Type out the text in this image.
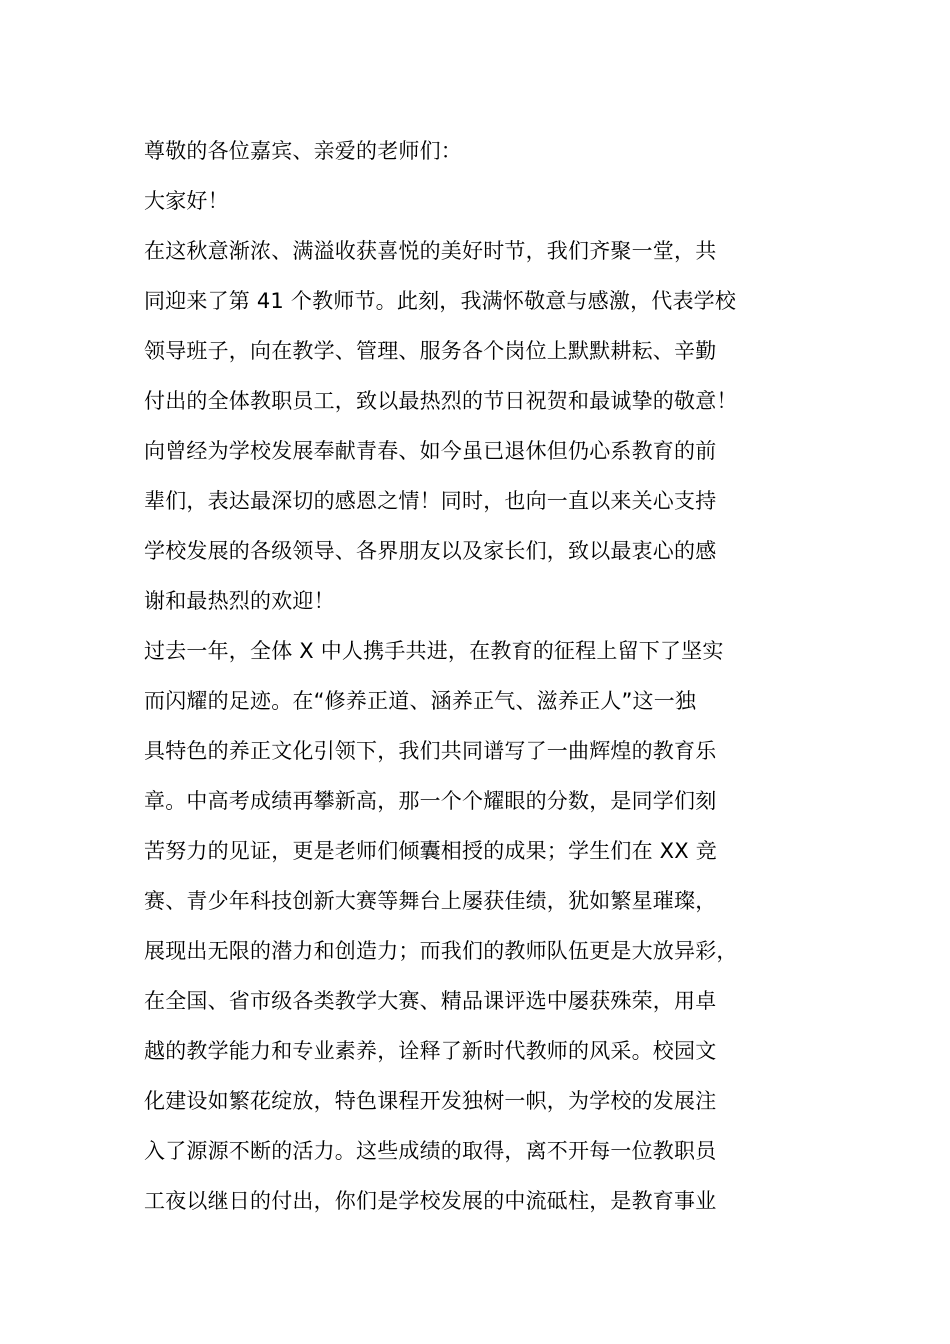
尊敬的各位嘉宾、亲爱的老师们：
大家好！
在这秋意渐浓、满溢收获喜悦的美好时节，我们齐聚一堂，共
同迎来了第 41 个教师节。此刻，我满怀敬意与感激，代表学校
领导班子，向在教学、管理、服务各个岗位上默默耕耘、辛勤
付出的全体教职员工，致以最热烈的节日祝贺和最诚挚的敬意！
向曾经为学校发展奉献青春、如今虽已退休但仍心系教育的前
辈们，表达最深切的感恩之情！同时，也向一直以来关心支持
学校发展的各级领导、各界朋友以及家长们，致以最衷心的感
谢和最热烈的欢迎！
过去一年，全体 X 中人携手共进，在教育的征程上留下了坚实
而闪耀的足迹。在“修养正道、涵养正气、滋养正人”这一独
具特色的养正文化引领下，我们共同谱写了一曲辉煌的教育乐
章。中高考成绩再攀新高，那一个个耀眼的分数，是同学们刻
苦努力的见证，更是老师们倾囊相授的成果；学生们在 XX 竞
赛、青少年科技创新大赛等舞台上屡获佳绩，犹如繁星璀璨，
展现出无限的潜力和创造力；而我们的教师队伍更是大放异彩，
在全国、省市级各类教学大赛、精品课评选中屡获殊荣，用卓
越的教学能力和专业素养，诠释了新时代教师的风采。校园文
化建设如繁花绽放，特色课程开发独树一帜，为学校的发展注
入了源源不断的活力。这些成绩的取得，离不开每一位教职员
工夜以继日的付出，你们是学校发展的中流砥柱，是教育事业
